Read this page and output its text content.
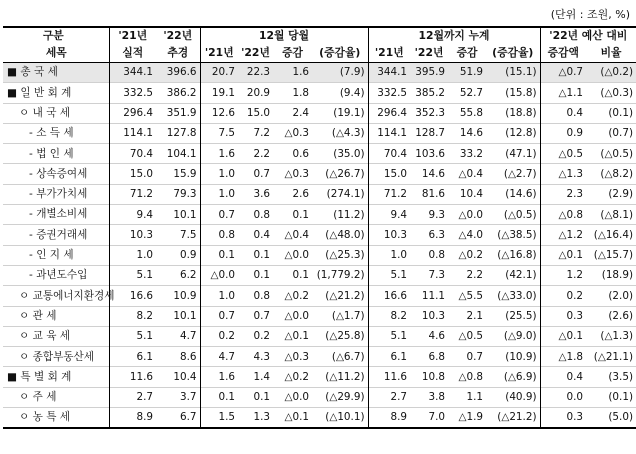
(단위 : 조원, %)
구분	'21년	'22년	12월 당월				12월까지 누계				'22년 예산 대비	
세목	실적	추경	'21년	'22년	증감	(증감율)	'21년	'22년	증감	(증감율)	증감액	비율
■ 총 국 세	344.1	396.6	20.7	22.3	1.6	(7.9)	344.1	395.9	51.9	(15.1)	△0.7	(△0.2)
■ 일 반 회 계	332.5	386.2	19.1	20.9	1.8	(9.4)	332.5	385.2	52.7	(15.8)	△1.1	(△0.3)
ㅇ 내 국 세	296.4	351.9	12.6	15.0	2.4	(19.1)	296.4	352.3	55.8	(18.8)	0.4	(0.1)
- 소 득 세	114.1	127.8	7.5	7.2	△0.3	(△4.3)	114.1	128.7	14.6	(12.8)	0.9	(0.7)
- 법 인 세	70.4	104.1	1.6	2.2	0.6	(35.0)	70.4	103.6	33.2	(47.1)	△0.5	(△0.5)
- 상속증여세	15.0	15.9	1.0	0.7	△0.3	(△26.7)	15.0	14.6	△0.4	(△2.7)	△1.3	(△8.2)
- 부가가치세	71.2	79.3	1.0	3.6	2.6	(274.1)	71.2	81.6	10.4	(14.6)	2.3	(2.9)
- 개별소비세	9.4	10.1	0.7	0.8	0.1	(11.2)	9.4	9.3	△0.0	(△0.5)	△0.8	(△8.1)
- 증권거래세	10.3	7.5	0.8	0.4	△0.4	(△48.0)	10.3	6.3	△4.0	(△38.5)	△1.2	(△16.4)
- 인 지 세	1.0	0.9	0.1	0.1	△0.0	(△25.3)	1.0	0.8	△0.2	(△16.8)	△0.1	(△15.7)
- 과년도수입	5.1	6.2	△0.0	0.1	0.1	(1,779.2)	5.1	7.3	2.2	(42.1)	1.2	(18.9)
ㅇ 교통에너지환경세	16.6	10.9	1.0	0.8	△0.2	(△21.2)	16.6	11.1	△5.5	(△33.0)	0.2	(2.0)
ㅇ 관 세	8.2	10.1	0.7	0.7	△0.0	(△1.7)	8.2	10.3	2.1	(25.5)	0.3	(2.6)
ㅇ 교 육 세	5.1	4.7	0.2	0.2	△0.1	(△25.8)	5.1	4.6	△0.5	(△9.0)	△0.1	(△1.3)
ㅇ 종합부동산세	6.1	8.6	4.7	4.3	△0.3	(△6.7)	6.1	6.8	0.7	(10.9)	△1.8	(△21.1)
■ 특 별 회 계	11.6	10.4	1.6	1.4	△0.2	(△11.2)	11.6	10.8	△0.8	(△6.9)	0.4	(3.5)
ㅇ 주 세	2.7	3.7	0.1	0.1	△0.0	(△29.9)	2.7	3.8	1.1	(40.9)	0.0	(0.1)
ㅇ 농 특 세	8.9	6.7	1.5	1.3	△0.1	(△10.1)	8.9	7.0	△1.9	(△21.2)	0.3	(5.0)
